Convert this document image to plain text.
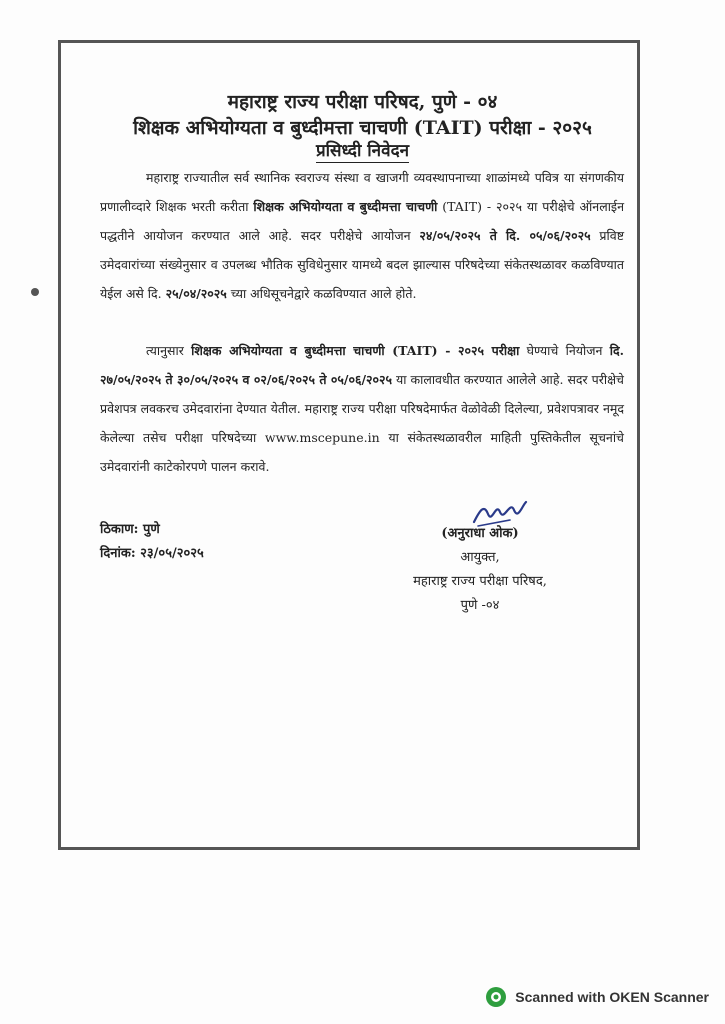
महाराष्ट्र राज्य परीक्षा परिषद, पुणे - ०४
शिक्षक अभियोग्यता व बुध्दीमत्ता चाचणी (TAIT) परीक्षा - २०२५
प्रसिध्दी निवेदन

महाराष्ट्र राज्यातील सर्व स्थानिक स्वराज्य संस्था व खाजगी व्यवस्थापनाच्या शाळांमध्ये पवित्र या संगणकीय प्रणालीव्दारे शिक्षक भरती करीता शिक्षक अभियोग्यता व बुध्दीमत्ता चाचणी (TAIT) - २०२५ या परीक्षेचे ऑनलाईन पद्धतीने आयोजन करण्यात आले आहे. सदर परीक्षेचे आयोजन २४/०५/२०२५ ते दि. ०५/०६/२०२५ प्रविष्ट उमेदवारांच्या संख्येनुसार व उपलब्ध भौतिक सुविधेनुसार यामध्ये बदल झाल्यास परिषदेच्या संकेतस्थळावर कळविण्यात येईल असे दि. २५/०४/२०२५ च्या अधिसूचनेद्वारे कळविण्यात आले होते.

त्यानुसार शिक्षक अभियोग्यता व बुध्दीमत्ता चाचणी (TAIT) - २०२५ परीक्षा घेण्याचे नियोजन दि. २७/०५/२०२५ ते ३०/०५/२०२५ व ०२/०६/२०२५ ते ०५/०६/२०२५ या कालावधीत करण्यात आलेले आहे. सदर परीक्षेचे प्रवेशपत्र लवकरच उमेदवारांना देण्यात येतील. महाराष्ट्र राज्य परीक्षा परिषदेमार्फत वेळोवेळी दिलेल्या, प्रवेशपत्रावर नमूद केलेल्या तसेच परीक्षा परिषदेच्या www.mscepune.in या संकेतस्थळावरील माहिती पुस्तिकेतील सूचनांचे उमेदवारांनी काटेकोरपणे पालन करावे.

ठिकाण: पुणे
दिनांक: २३/०५/२०२५
(अनुराधा ओक)
आयुक्त,
महाराष्ट्र राज्य परीक्षा परिषद,
पुणे -०४
Scanned with OKEN Scanner
